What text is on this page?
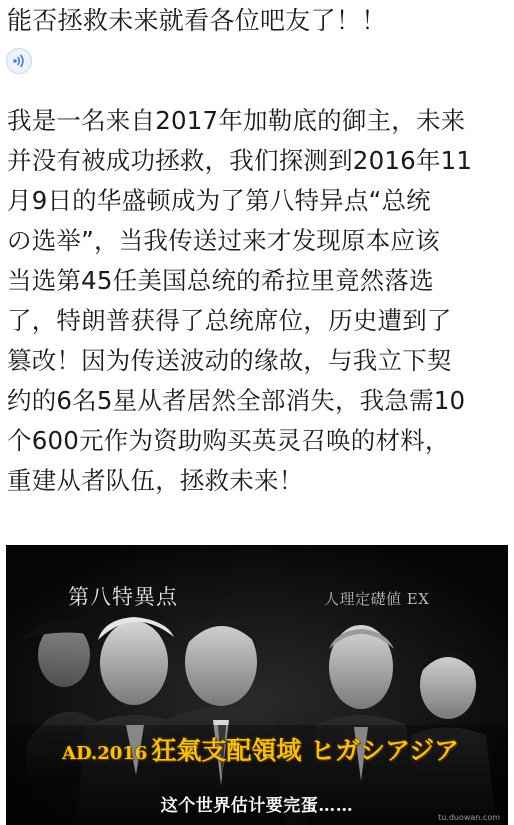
能否拯救未来就看各位吧友了！！
我是一名来自2017年加勒底的御主，未来
并没有被成功拯救，我们探测到2016年11
月9日的华盛顿成为了第八特异点“总统
の选举”，当我传送过来才发现原本应该
当选第45任美国总统的希拉里竟然落选
了，特朗普获得了总统席位，历史遭到了
篡改！因为传送波动的缘故，与我立下契
约的6名5星从者居然全部消失，我急需10
个600元作为资助购买英灵召唤的材料，
重建从者队伍，拯救未来！
第八特異点	人理定礎値 EX
AD.2016 狂氣支配領域 ヒガシアジア
这个世界估计要完蛋……
tu.duowan.com
